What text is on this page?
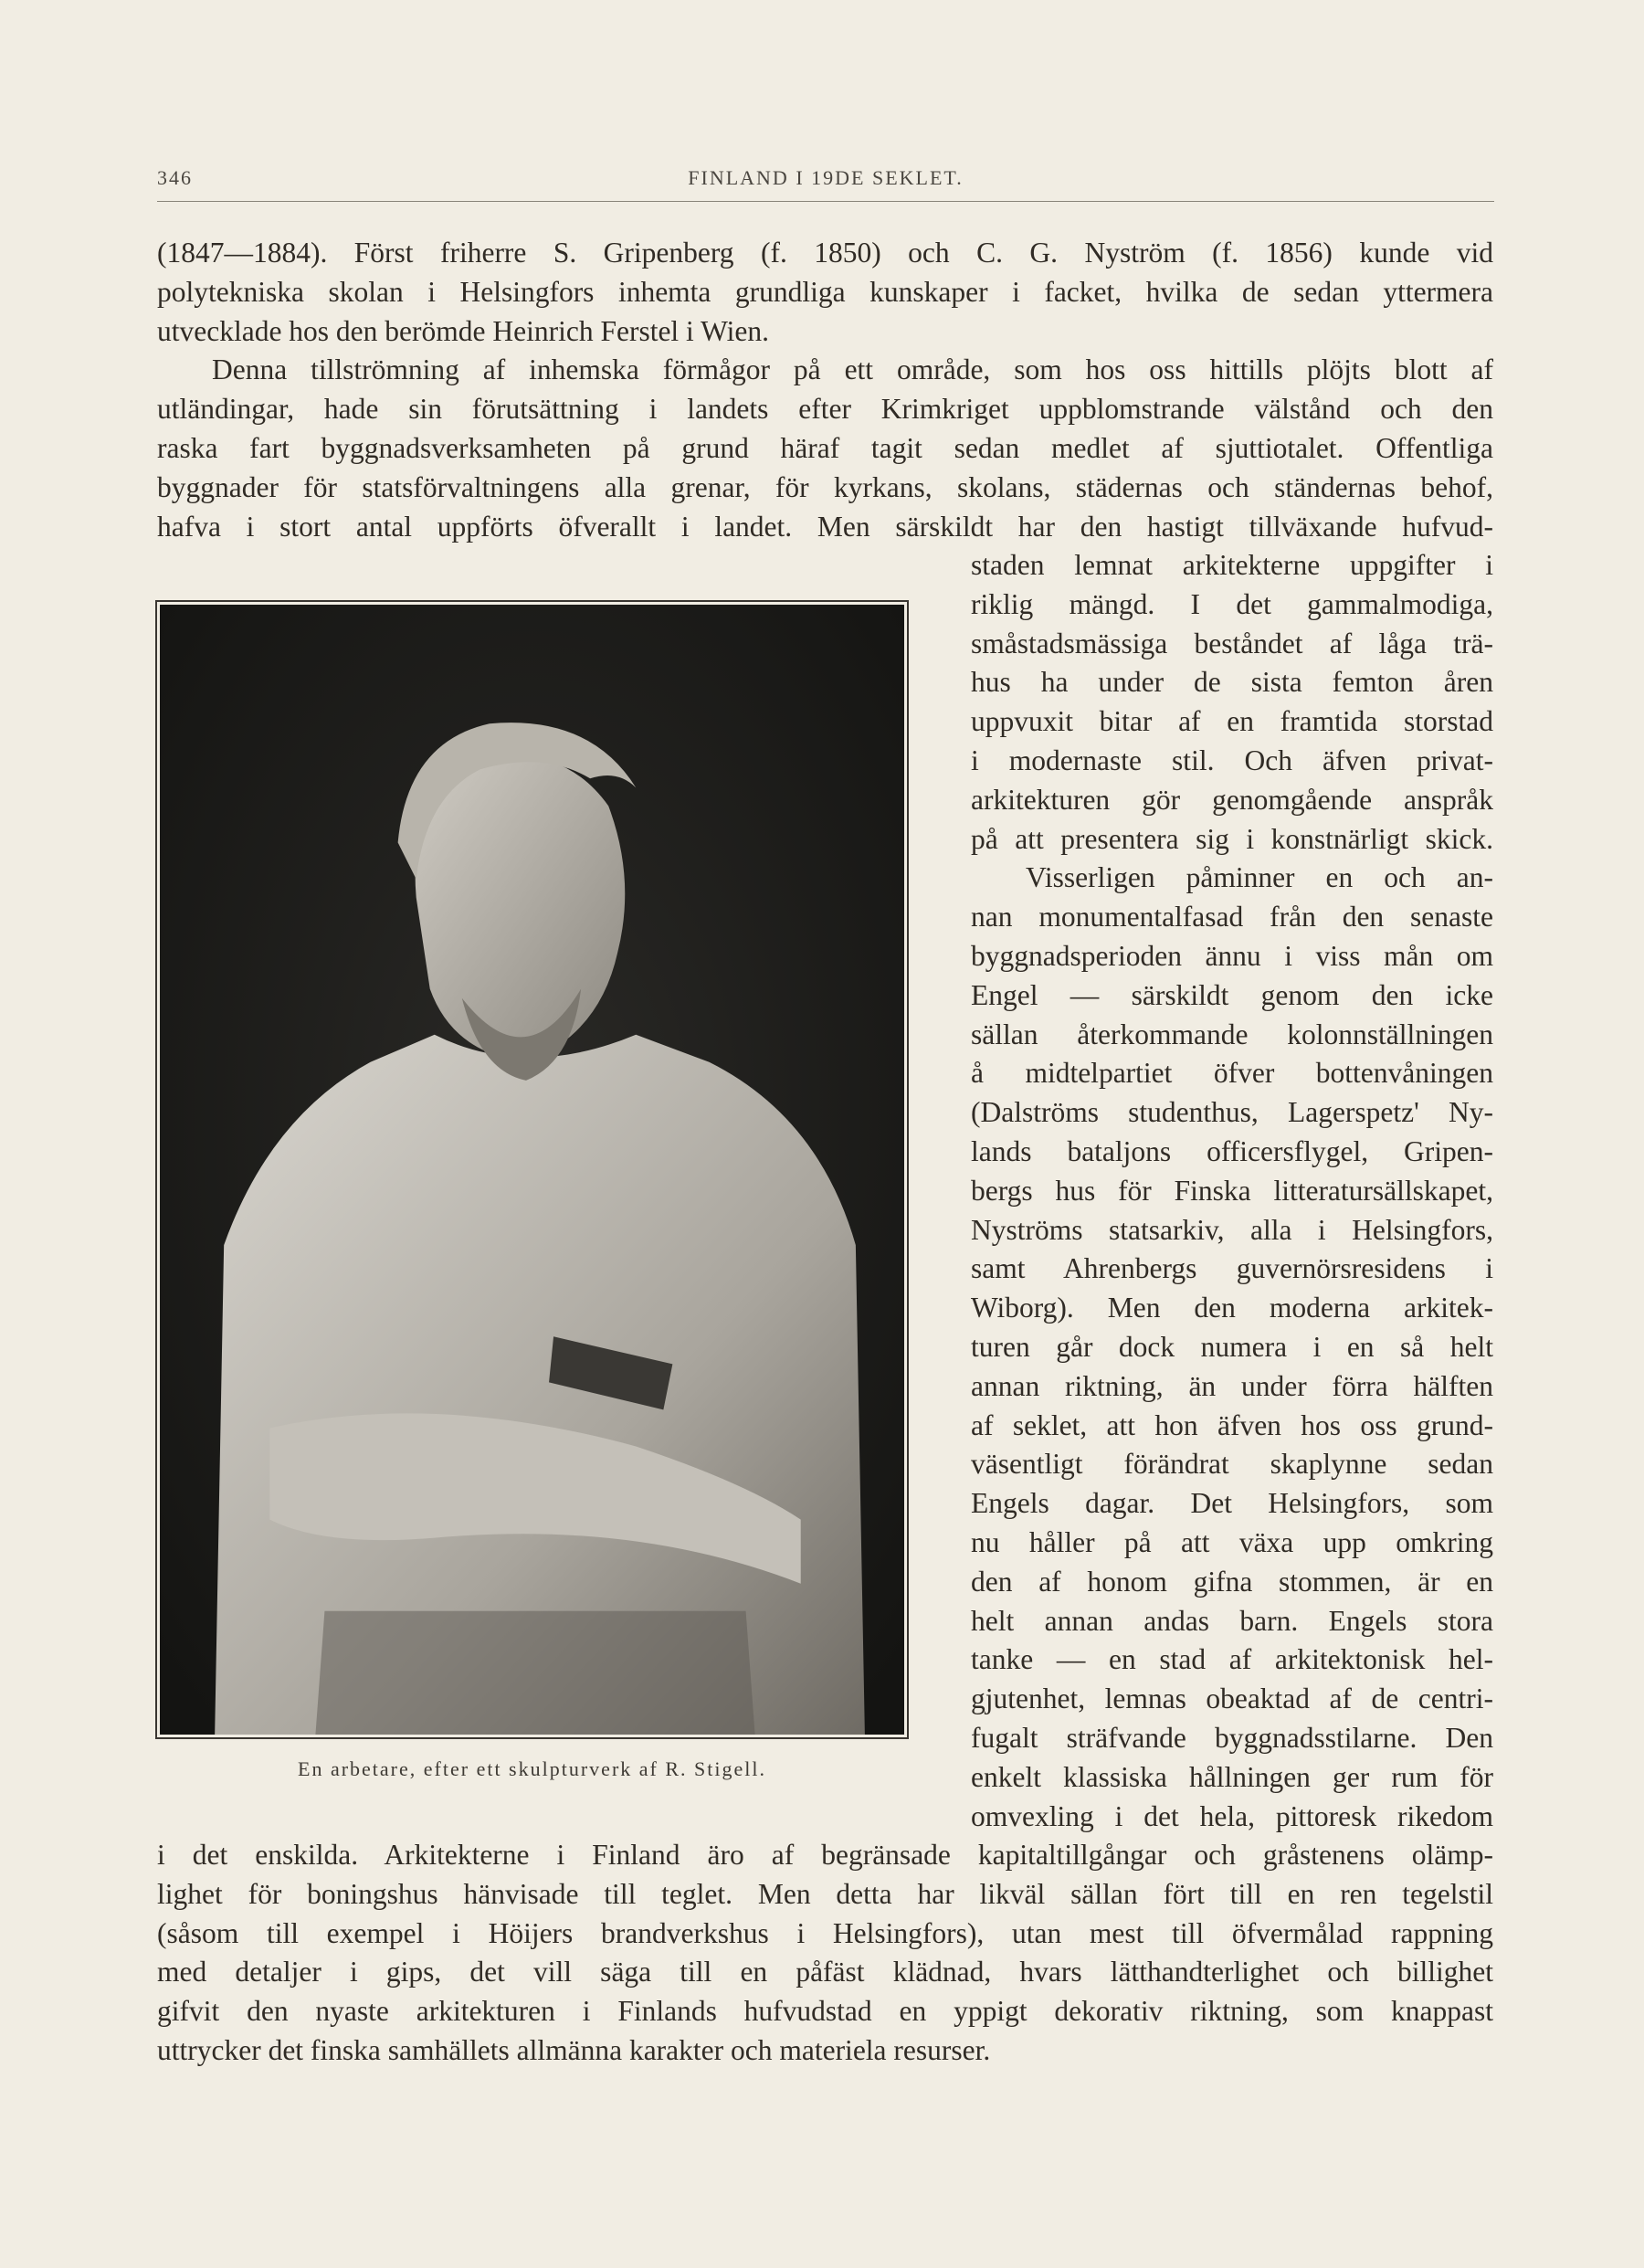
346	FINLAND I 19DE SEKLET.
(1847—1884). Först friherre S. Gripenberg (f. 1850) och C. G. Nyström (f. 1856) kunde vid
polytekniska skolan i Helsingfors inhemta grundliga kunskaper i facket, hvilka de sedan yttermera
utvecklade hos den berömde Heinrich Ferstel i Wien.
Denna tillströmning af inhemska förmågor på ett område, som hos oss hittills plöjts blott af
utländingar, hade sin förutsättning i landets efter Krimkriget uppblomstrande välstånd och den
raska fart byggnadsverksamheten på grund häraf tagit sedan medlet af sjuttiotalet. Offentliga
byggnader för statsförvaltningens alla grenar, för kyrkans, skolans, städernas och ständernas behof,
hafva i stort antal uppförts öfverallt i landet. Men särskildt har den hastigt tillväxande hufvud-
staden lemnat arkitekterne uppgifter i
riklig mängd. I det gammalmodiga,
småstadsmässiga beståndet af låga trä-
hus ha under de sista femton åren
uppvuxit bitar af en framtida storstad
i modernaste stil. Och äfven privat-
arkitekturen gör genomgående anspråk
på att presentera sig i konstnärligt skick.
Visserligen påminner en och an-
nan monumentalfasad från den senaste
byggnadsperioden ännu i viss mån om
Engel — särskildt genom den icke
sällan återkommande kolonnställningen
å midtelpartiet öfver bottenvåningen
(Dalströms studenthus, Lagerspetz' Ny-
lands bataljons officersflygel, Gripen-
bergs hus för Finska litteratursällskapet,
Nyströms statsarkiv, alla i Helsingfors,
samt Ahrenbergs guvernörsresidens i
Wiborg). Men den moderna arkitek-
turen går dock numera i en så helt
annan riktning, än under förra hälften
af seklet, att hon äfven hos oss grund-
väsentligt förändrat skaplynne sedan
Engels dagar. Det Helsingfors, som
nu håller på att växa upp omkring
den af honom gifna stommen, är en
helt annan andas barn. Engels stora
tanke — en stad af arkitektonisk hel-
gjutenhet, lemnas obeaktad af de centri-
fugalt sträfvande byggnadsstilarne. Den
enkelt klassiska hållningen ger rum för
omvexling i det hela, pittoresk rikedom
i det enskilda. Arkitekterne i Finland äro af begränsade kapitaltillgångar och gråstenens olämp-
lighet för boningshus hänvisade till teglet. Men detta har likväl sällan fört till en ren tegelstil
(såsom till exempel i Höijers brandverkshus i Helsingfors), utan mest till öfvermålad rappning
med detaljer i gips, det vill säga till en påfäst klädnad, hvars lätthandterlighet och billighet
gifvit den nyaste arkitekturen i Finlands hufvudstad en yppigt dekorativ riktning, som knappast
uttrycker det finska samhällets allmänna karakter och materiela resurser.
En arbetare, efter ett skulpturverk af R. Stigell.
